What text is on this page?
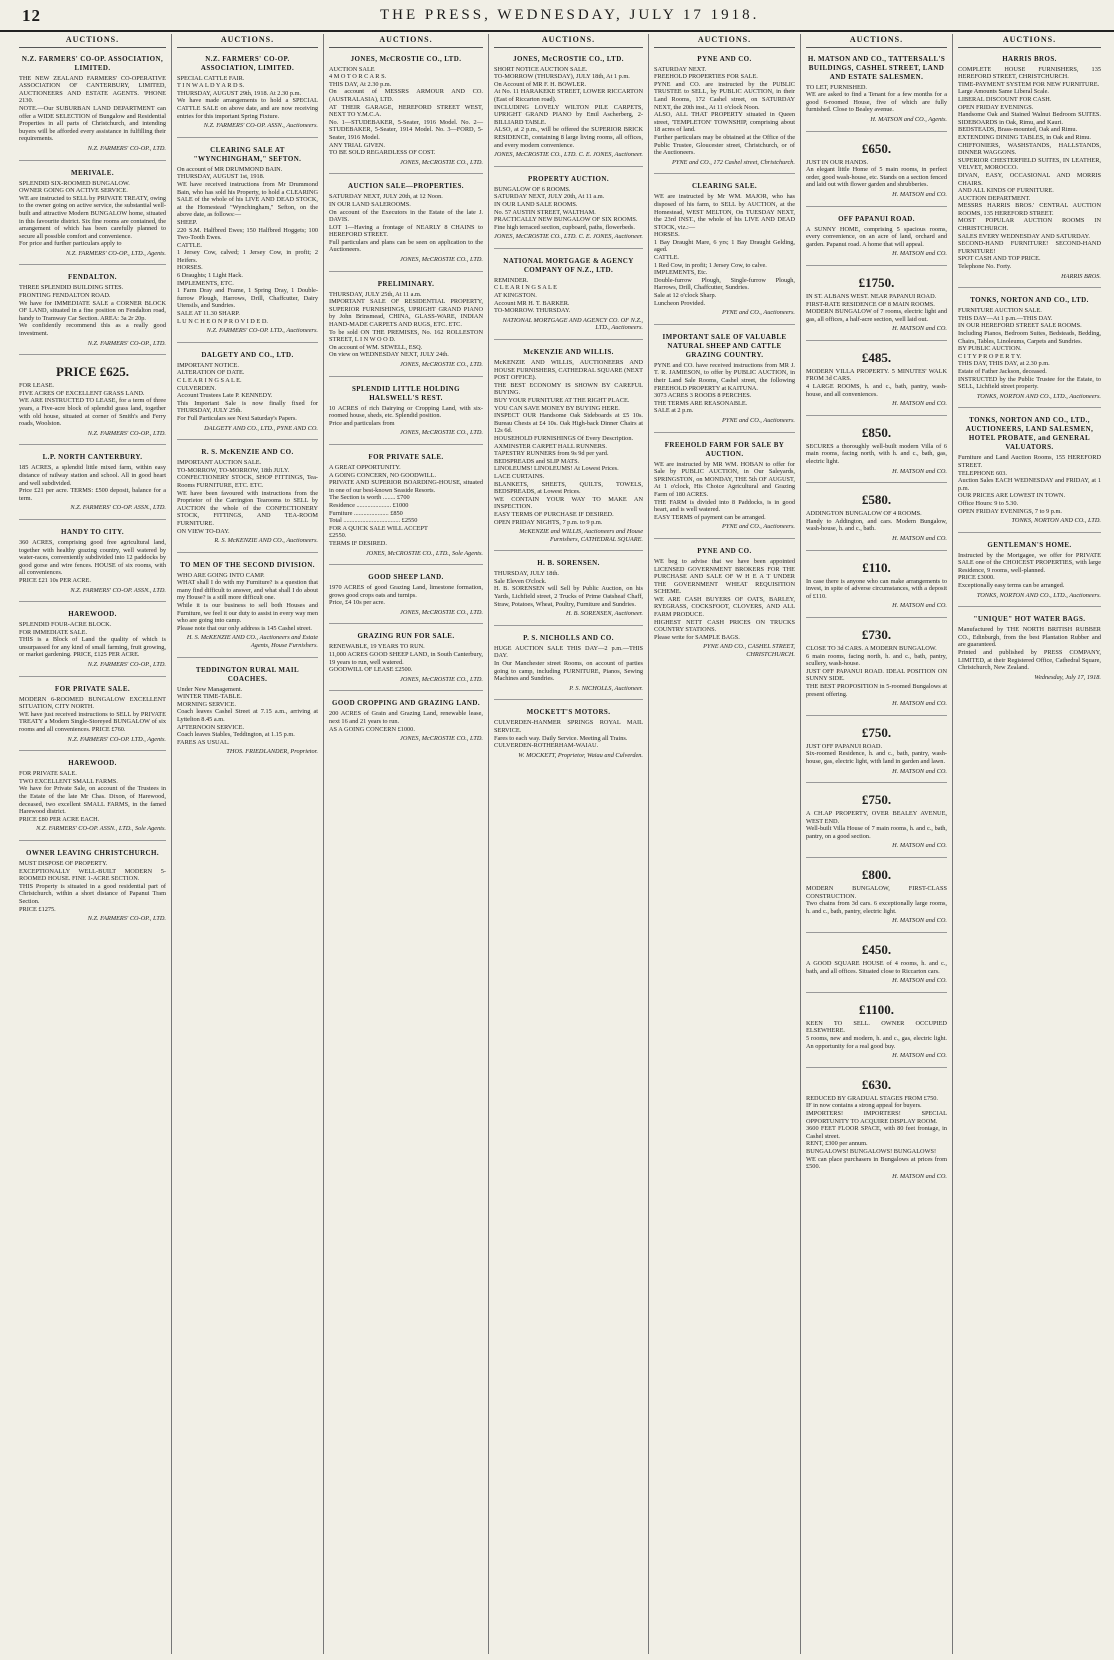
12	THE PRESS, WEDNESDAY, JULY 17 1918.
AUCTIONS.
N.Z. FARMERS' CO-OP. ASSOCIATION, LIMITED.
THE NEW ZEALAND FARMERS' CO-OPERATIVE ASSOCIATION OF CANTERBURY, LIMITED, AUCTIONEERS AND ESTATE AGENTS. 'PHONE 2130.
NOTE.—Our SUBURBAN LAND DEPARTMENT can offer a WIDE SELECTION of Bungalow and Residential Properties in all parts of Christchurch, and intending buyers will be afforded every assistance in fulfilling their requirements.
N.Z. FARMERS' CO-OP., LTD.
MERIVALE.
SPLENDID SIX-ROOMED BUNGALOW.
OWNER GOING ON ACTIVE SERVICE.
WE are instructed to SELL by PRIVATE TREATY, owing to the owner going on active service, the substantial well-built and attractive Modern BUNGALOW home, situated in this favourite district. Six fine rooms are contained, the arrangement of which has been carefully planned to secure all possible comfort and convenience.
For price and further particulars apply to
N.Z. FARMERS' CO-OP., LTD., Agents.
FENDALTON.
THREE SPLENDID BUILDING SITES.
FRONTING FENDALTON ROAD.
We have for IMMEDIATE SALE a CORNER BLOCK OF LAND, situated in a fine position on Fendalton road, handy to Tramway Car Section. AREA: 3a 2r 20p.
We confidently recommend this as a really good investment.
N.Z. FARMERS' CO-OP., LTD.
PRICE £625.
FOR LEASE.
FIVE ACRES OF EXCELLENT GRASS LAND.
WE ARE INSTRUCTED TO LEASE, for a term of three years, a Five-acre block of splendid grass land, together with old house, situated at corner of Smith's and Ferry roads, Woolston.
N.Z. FARMERS' CO-OP., LTD.
L.P. NORTH CANTERBURY.
185 ACRES, a splendid little mixed farm, within easy distance of railway station and school. All in good heart and well subdivided.
Price £21 per acre. TERMS: £500 deposit, balance for a term.
N.Z. FARMERS' CO-OP. ASSN., LTD.
HANDY TO CITY.
360 ACRES, comprising good free agricultural land, together with healthy grazing country, well watered by water-races, conveniently subdivided into 12 paddocks by good gorse and wire fences. HOUSE of six rooms, with all conveniences.
PRICE £21 10s PER ACRE.
N.Z. FARMERS' CO-OP. ASSN., LTD.
HAREWOOD.
SPLENDID FOUR-ACRE BLOCK.
FOR IMMEDIATE SALE.
THIS is a Block of Land the quality of which is unsurpassed for any kind of small farming, fruit growing, or market gardening. PRICE, £125 PER ACRE.
N.Z. FARMERS' CO-OP., LTD.
FOR PRIVATE SALE.
MODERN 6-ROOMED BUNGALOW EXCELLENT SITUATION, CITY NORTH.
WE have just received instructions to SELL by PRIVATE TREATY a Modern Single-Storeyed BUNGALOW of six rooms and all conveniences. PRICE £760.
N.Z. FARMERS' CO-OP. LTD., Agents.
HAREWOOD.
FOR PRIVATE SALE.
TWO EXCELLENT SMALL FARMS.
We have for Private Sale, on account of the Trustees in the Estate of the late Mr Chas. Dixon, of Harewood, deceased, two excellent SMALL FARMS, in the famed Harewood district.
PRICE £80 PER ACRE EACH.
N.Z. FARMERS' CO-OP. ASSN., LTD., Sole Agents.
OWNER LEAVING CHRISTCHURCH.
MUST DISPOSE OF PROPERTY.
EXCEPTIONALLY WELL-BUILT MODERN 5-ROOMED HOUSE. FINE 1-ACRE SECTION.
THIS Property is situated in a good residential part of Christchurch, within a short distance of Papanui Tram Section.
PRICE £1275.
N.Z. FARMERS' CO-OP., LTD.
AUCTIONS.
N.Z. FARMERS' CO-OP. ASSOCIATION, LIMITED.
SPECIAL CATTLE FAIR.
T I N W A L D Y A R D S.
THURSDAY, AUGUST 29th, 1918. At 2.30 p.m.
We have made arrangements to hold a SPECIAL CATTLE SALE on above date, and are now receiving entries for this important Spring Fixture.
N.Z. FARMERS' CO-OP. ASSN., Auctioneers.
CLEARING SALE AT "WYNCHINGHAM," SEFTON.
On account of MR DRUMMOND BAIN.
THURSDAY, AUGUST 1st, 1918.
WE have received instructions from Mr Drummond Bain, who has sold his Property, to hold a CLEARING SALE of the whole of his LIVE AND DEAD STOCK, at the Homestead "Wynchingham," Sefton, on the above date, as follows:—
SHEEP.
220 S.M. Halfbred Ewes; 150 Halfbred Hoggets; 100 Two-Tooth Ewes.
CATTLE.
1 Jersey Cow, calved; 1 Jersey Cow, in profit; 2 Heifers.
HORSES.
6 Draughts; 1 Light Hack.
IMPLEMENTS, ETC.
1 Farm Dray and Frame, 1 Spring Dray, 1 Double-furrow Plough, Harrows, Drill, Chaffcutter, Dairy Utensils, and Sundries.
SALE AT 11.30 SHARP.
L U N C H E O N P R O V I D E D.
N.Z. FARMERS' CO-OP. LTD., Auctioneers.
DALGETY AND CO., LTD.
IMPORTANT NOTICE.
ALTERATION OF DATE.
C L E A R I N G S A L E.
CULVERDEN.
Account Trustees Late P. KENNEDY.
This Important Sale is now finally fixed for THURSDAY, JULY 25th.
For Full Particulars see Next Saturday's Papers.
DALGETY AND CO., LTD., PYNE AND CO.
R. S. McKENZIE AND CO.
IMPORTANT AUCTION SALE.
TO-MORROW, TO-MORROW, 18th JULY.
CONFECTIONERY STOCK, SHOP FITTINGS, Tea-Rooms FURNITURE, ETC. ETC.
WE have been favoured with instructions from the Proprietor of the Carrington Tearooms to SELL by AUCTION the whole of the CONFECTIONERY STOCK, FITTINGS, AND TEA-ROOM FURNITURE.
ON VIEW TO-DAY.
R. S. McKENZIE AND CO., Auctioneers.
TO MEN OF THE SECOND DIVISION.
WHO ARE GOING INTO CAMP.
WHAT shall I do with my Furniture? is a question that many find difficult to answer, and what shall I do about my House? is a still more difficult one.
While it is our business to sell both Houses and Furniture, we feel it our duty to assist in every way men who are going into camp.
Please note that our only address is 145 Cashel street.
H. S. McKENZIE AND CO., Auctioneers and Estate Agents, House Furnishers.
TEDDINGTON RURAL MAIL COACHES.
Under New Management.
WINTER TIME-TABLE.
MORNING SERVICE.
Coach leaves Cashel Street at 7.15 a.m., arriving at Lyttelton 8.45 a.m.
AFTERNOON SERVICE.
Coach leaves Stables, Teddington, at 1.15 p.m.
FARES AS USUAL.
THOS. FRIEDLANDER, Proprietor.
AUCTIONS.
JONES, McCROSTIE CO., LTD.
AUCTION SALE
4 M O T O R C A R S.
THIS DAY, At 2.30 p.m.
On account of MESSRS ARMOUR AND CO. (AUSTRALASIA), LTD.
AT THEIR GARAGE, HEREFORD STREET WEST, NEXT TO Y.M.C.A.
No. 1—STUDEBAKER, 5-Seater, 1916 Model. No. 2—STUDEBAKER, 5-Seater, 1914 Model. No. 3—FORD, 5-Seater, 1916 Model.
ANY TRIAL GIVEN.
TO BE SOLD REGARDLESS OF COST.
JONES, McCROSTIE CO., LTD.
AUCTION SALE—PROPERTIES.
SATURDAY NEXT, JULY 20th, at 12 Noon.
IN OUR LAND SALEROOMS.
On account of the Executors in the Estate of the late J. DAVIS.
LOT 1—Having a frontage of NEARLY 8 CHAINS to HEREFORD STREET.
Full particulars and plans can be seen on application to the Auctioneers.
JONES, McCROSTIE CO., LTD.
PRELIMINARY.
THURSDAY, JULY 25th, At 11 a.m.
IMPORTANT SALE OF RESIDENTIAL PROPERTY, SUPERIOR FURNISHINGS, UPRIGHT GRAND PIANO by John Brinsmead, CHINA, GLASS-WARE, INDIAN HAND-MADE CARPETS AND RUGS, ETC. ETC.
To be sold ON THE PREMISES, No. 162 ROLLESTON STREET, L I N W O O D.
On account of WM. SEWELL, ESQ.
On view on WEDNESDAY NEXT, JULY 24th.
JONES, McCROSTIE CO., LTD.
SPLENDID LITTLE HOLDING HALSWELL'S REST.
10 ACRES of rich Dairying or Cropping Land, with six-roomed house, sheds, etc. Splendid position.
Price and particulars from
JONES, McCROSTIE CO., LTD.
FOR PRIVATE SALE.
A GREAT OPPORTUNITY.
A GOING CONCERN, NO GOODWILL.
PRIVATE AND SUPERIOR BOARDING-HOUSE, situated in one of our best-known Seaside Resorts.
The Section is worth ........ £700
Residence ...................... £1000
Furniture ...................... £850
Total .................................... £2550
FOR A QUICK SALE WILL ACCEPT
£2550.
TERMS IF DESIRED.
JONES, McCROSTIE CO., LTD., Sole Agents.
GOOD SHEEP LAND.
1970 ACRES of good Grazing Land, limestone formation, grows good crops oats and turnips.
Price, £4 10s per acre.
JONES, McCROSTIE CO., LTD.
GRAZING RUN FOR SALE.
RENEWABLE, 19 YEARS TO RUN.
11,000 ACRES GOOD SHEEP LAND, in South Canterbury, 19 years to run, well watered.
GOODWILL OF LEASE £2500.
JONES, McCROSTIE CO., LTD.
GOOD CROPPING AND GRAZING LAND.
200 ACRES of Grain and Grazing Land, renewable lease, next 16 and 21 years to run.
AS A GOING CONCERN £1000.
JONES, McCROSTIE CO., LTD.
AUCTIONS.
JONES, McCROSTIE CO., LTD.
SHORT NOTICE AUCTION SALE.
TO-MORROW (THURSDAY), JULY 18th, At 1 p.m.
On Account of MR F. H. BOWLER.
At No. 11 HARAKEKE STREET, LOWER RICCARTON (East of Riccarton road).
INCLUDING LOVELY WILTON PILE CARPETS, UPRIGHT GRAND PIANO by Emil Ascherberg, 2-BILLIARD TABLE.
ALSO, at 2 p.m., will be offered the SUPERIOR BRICK RESIDENCE, containing 8 large living rooms, all offices, and every modern convenience.
JONES, McCROSTIE CO., LTD. C. E. JONES, Auctioneer.
PROPERTY AUCTION.
BUNGALOW OF 6 ROOMS.
SATURDAY NEXT, JULY 20th, At 11 a.m.
IN OUR LAND SALE ROOMS.
No. 57 AUSTIN STREET, WALTHAM.
PRACTICALLY NEW BUNGALOW OF SIX ROOMS.
Fine high terraced section, cupboard, paths, flowerbeds.
JONES, McCROSTIE CO., LTD. C. E. JONES, Auctioneer.
NATIONAL MORTGAGE & AGENCY COMPANY OF N.Z., LTD.
REMINDER.
C L E A R I N G S A L E
AT KINGSTON.
Account MR H. T. BARKER.
TO-MORROW. THURSDAY.
NATIONAL MORTGAGE AND AGENCY CO. OF N.Z., LTD., Auctioneers.
McKENZIE AND WILLIS.
McKENZIE AND WILLIS, AUCTIONEERS AND HOUSE FURNISHERS, CATHEDRAL SQUARE (NEXT POST OFFICE).
THE BEST ECONOMY IS SHOWN BY CAREFUL BUYING.
BUY YOUR FURNITURE AT THE RIGHT PLACE.
YOU CAN SAVE MONEY BY BUYING HERE.
INSPECT OUR Handsome Oak Sideboards at £5 10s. Bureau Chests at £4 10s. Oak High-back Dinner Chairs at 12s 6d.
HOUSEHOLD FURNISHINGS Of Every Description.
AXMINSTER CARPET HALL RUNNERS.
TAPESTRY RUNNERS from 9s 9d per yard.
BEDSPREADS and SLIP MATS.
LINOLEUMS! LINOLEUMS! At Lowest Prices.
LACE CURTAINS.
BLANKETS, SHEETS, QUILTS, TOWELS, BEDSPREADS, at Lowest Prices.
WE CONTAIN YOUR WAY TO MAKE AN INSPECTION.
EASY TERMS OF PURCHASE IF DESIRED.
OPEN FRIDAY NIGHTS, 7 p.m. to 9 p.m.
McKENZIE and WILLIS, Auctioneers and House Furnishers, CATHEDRAL SQUARE.
H. B. SORENSEN.
THURSDAY, JULY 18th.
Sale Eleven O'clock.
H. B. SORENSEN will Sell by Public Auction, on his Yards, Lichfield street, 2 Trucks of Prime Oatsheaf Chaff, Straw, Potatoes, Wheat, Poultry, Furniture and Sundries.
H. B. SORENSEN, Auctioneer.
P. S. NICHOLLS AND CO.
HUGE AUCTION SALE THIS DAY—2 p.m.—THIS DAY.
In Our Manchester street Rooms, on account of parties going to camp, including FURNITURE, Pianos, Sewing Machines and Sundries.
P. S. NICHOLLS, Auctioneer.
MOCKETT'S MOTORS.
CULVERDEN-HANMER SPRINGS ROYAL MAIL SERVICE.
Fares to each way. Daily Service. Meeting all Trains.
CULVERDEN-ROTHERHAM-WAIAU.
W. MOCKETT, Proprietor, Waiau and Culverden.
AUCTIONS.
PYNE AND CO.
SATURDAY NEXT.
FREEHOLD PROPERTIES FOR SALE.
PYNE and CO. are instructed by the PUBLIC TRUSTEE to SELL, by PUBLIC AUCTION, in their Land Rooms, 172 Cashel street, on SATURDAY NEXT, the 20th inst., At 11 o'clock Noon.
ALSO, ALL THAT PROPERTY situated in Queen street, 'TEMPLETON' TOWNSHIP, comprising about 18 acres of land.
Further particulars may be obtained at the Office of the Public Trustee, Gloucester street, Christchurch, or of the Auctioneers.
PYNE and CO., 172 Cashel street, Christchurch.
CLEARING SALE.
WE are instructed by Mr WM. MAJOR, who has disposed of his farm, to SELL by AUCTION, at the Homestead, WEST MELTON, On TUESDAY NEXT, the 23rd INST., the whole of his LIVE AND DEAD STOCK, viz.:—
HORSES.
1 Bay Draught Mare, 6 yrs; 1 Bay Draught Gelding, aged.
CATTLE.
1 Red Cow, in profit; 1 Jersey Cow, to calve.
IMPLEMENTS, Etc.
Double-furrow Plough, Single-furrow Plough, Harrows, Drill, Chaffcutter, Sundries.
Sale at 12 o'clock Sharp.
Luncheon Provided.
PYNE and CO., Auctioneers.
IMPORTANT SALE OF VALUABLE NATURAL SHEEP AND CATTLE GRAZING COUNTRY.
PYNE and CO. have received instructions from MR J. T. R. JAMIESON, to offer by PUBLIC AUCTION, in their Land Sale Rooms, Cashel street, the following FREEHOLD PROPERTY at KAITUNA.
3073 ACRES 3 ROODS 8 PERCHES.
THE TERMS ARE REASONABLE.
SALE at 2 p.m.
PYNE and CO., Auctioneers.
FREEHOLD FARM FOR SALE BY AUCTION.
WE are instructed by MR WM. HOBAN to offer for Sale by PUBLIC AUCTION, in Our Saleyards, SPRINGSTON, on MONDAY, THE 5th OF AUGUST, At 1 o'clock, His Choice Agricultural and Grazing Farm of 180 ACRES.
THE FARM is divided into 8 Paddocks, is in good heart, and is well watered.
EASY TERMS of payment can be arranged.
PYNE and CO., Auctioneers.
PYNE AND CO.
WE beg to advise that we have been appointed LICENSED GOVERNMENT BROKERS FOR THE PURCHASE AND SALE OF W H E A T UNDER THE GOVERNMENT WHEAT REQUISITION SCHEME.
WE ARE CASH BUYERS OF OATS, BARLEY, RYEGRASS, COCKSFOOT, CLOVERS, AND ALL FARM PRODUCE.
HIGHEST NETT CASH PRICES ON TRUCKS COUNTRY STATIONS.
Please write for SAMPLE BAGS.
PYNE AND CO., CASHEL STREET, CHRISTCHURCH.
AUCTIONS.
H. MATSON AND CO., TATTERSALL'S BUILDINGS, CASHEL STREET, LAND AND ESTATE SALESMEN.
TO LET, FURNISHED.
WE are asked to find a Tenant for a few months for a good 6-roomed House, five of which are fully furnished. Close to Bealey avenue.
H. MATSON and CO., Agents.
£650.
JUST IN OUR HANDS.
An elegant little Home of 5 main rooms, in perfect order, good wash-house, etc. Stands on a section fenced and laid out with flower garden and shrubberies.
H. MATSON and CO.
OFF PAPANUI ROAD.
A SUNNY HOME, comprising 5 spacious rooms, every convenience, on an acre of land, orchard and garden. Papanui road. A home that will appeal.
H. MATSON and CO.
£1750.
IN ST. ALBANS WEST. NEAR PAPANUI ROAD.
FIRST-RATE RESIDENCE OF 8 MAIN ROOMS.
MODERN BUNGALOW of 7 rooms, electric light and gas, all offices, a half-acre section, well laid out.
H. MATSON and CO.
£485.
MODERN VILLA PROPERTY. 5 MINUTES' WALK FROM 3d CARS.
4 LARGE ROOMS, h. and c., bath, pantry, wash-house, and all conveniences.
H. MATSON and CO.
£850.
SECURES a thoroughly well-built modern Villa of 6 main rooms, facing north, with h. and c., bath, gas, electric light.
H. MATSON and CO.
£580.
ADDINGTON BUNGALOW OF 4 ROOMS.
Handy to Addington, and cars. Modern Bungalow, wash-house, h. and c., bath.
H. MATSON and CO.
£110.
In case there is anyone who can make arrangements to invest, in spite of adverse circumstances, with a deposit of £110.
H. MATSON and CO.
£730.
CLOSE TO 3d CARS. A MODERN BUNGALOW.
6 main rooms, facing north, h. and c., bath, pantry, scullery, wash-house.
JUST OFF PAPANUI ROAD. IDEAL POSITION ON SUNNY SIDE.
THE BEST PROPOSITION in 5-roomed Bungalows at present offering.
H. MATSON and CO.
£750.
JUST OFF PAPANUI ROAD.
Six-roomed Residence, h. and c., bath, pantry, wash-house, gas, electric light, with land in garden and lawn.
H. MATSON and CO.
£750.
A CH.AP PROPERTY, OVER BEALEY AVENUE, WEST END.
Well-built Villa House of 7 main rooms, h. and c., bath, pantry, on a good section.
H. MATSON and CO.
£800.
MODERN BUNGALOW, FIRST-CLASS CONSTRUCTION.
Two chains from 3d cars. 6 exceptionally large rooms, h. and c., bath, pantry, electric light.
H. MATSON and CO.
£450.
A GOOD SQUARE HOUSE of 4 rooms, h. and c., bath, and all offices. Situated close to Riccarton cars.
H. MATSON and CO.
£1100.
KEEN TO SELL. OWNER OCCUPIED ELSEWHERE.
5 rooms, new and modern, h. and c., gas, electric light. An opportunity for a real good buy.
H. MATSON and CO.
£630.
REDUCED BY GRADUAL STAGES FROM £750.
IF in now contains a strong appeal for buyers.
IMPORTERS! IMPORTERS! SPECIAL OPPORTUNITY TO ACQUIRE DISPLAY ROOM.
3600 FEET FLOOR SPACE, with 80 feet frontage, in Cashel street.
RENT, £300 per annum.
BUNGALOWS! BUNGALOWS! BUNGALOWS!
WE can place purchasers in Bungalows at prices from £500.
H. MATSON and CO.
AUCTIONS.
HARRIS BROS.
COMPLETE HOUSE FURNISHERS, 135 HEREFORD STREET, CHRISTCHURCH.
TIME-PAYMENT SYSTEM FOR NEW FURNITURE.
Large Amounts Same Liberal Scale.
LIBERAL DISCOUNT FOR CASH.
OPEN FRIDAY EVENINGS.
Handsome Oak and Stained Walnut Bedroom SUITES. SIDEBOARDS in Oak, Rimu, and Kauri.
BEDSTEADS, Brass-mounted, Oak and Rimu.
EXTENDING DINING TABLES, in Oak and Rimu.
CHIFFONIERS, WASHSTANDS, HALLSTANDS, DINNER WAGGONS.
SUPERIOR CHESTERFIELD SUITES, IN LEATHER, VELVET, MOROCCO.
DIVAN, EASY, OCCASIONAL AND MORRIS CHAIRS.
AND ALL KINDS OF FURNITURE.
AUCTION DEPARTMENT.
MESSRS HARRIS BROS.' CENTRAL AUCTION ROOMS, 135 HEREFORD STREET.
MOST POPULAR AUCTION ROOMS IN CHRISTCHURCH.
SALES EVERY WEDNESDAY AND SATURDAY.
SECOND-HAND FURNITURE! SECOND-HAND FURNITURE!
SPOT CASH AND TOP PRICE.
Telephone No. Forty.
HARRIS BROS.
TONKS, NORTON AND CO., LTD.
FURNITURE AUCTION SALE.
THIS DAY—At 1 p.m.—THIS DAY.
IN OUR HEREFORD STREET SALE ROOMS.
Including Pianos, Bedroom Suites, Bedsteads, Bedding, Chairs, Tables, Linoleums, Carpets and Sundries.
BY PUBLIC AUCTION.
C I T Y P R O P E R T Y.
THIS DAY, THIS DAY, at 2.30 p.m.
Estate of Father Jackson, deceased.
INSTRUCTED by the Public Trustee for the Estate, to SELL, Lichfield street property.
TONKS, NORTON AND CO., LTD., Auctioneers.
TONKS, NORTON AND CO., LTD., AUCTIONEERS, LAND SALESMEN, HOTEL PROBATE, and GENERAL VALUATORS.
Furniture and Land Auction Rooms, 155 HEREFORD STREET.
TELEPHONE 603.
Auction Sales EACH WEDNESDAY and FRIDAY, at 1 p.m.
OUR PRICES ARE LOWEST IN TOWN.
Office Hours: 9 to 5.30.
OPEN FRIDAY EVENINGS, 7 to 9 p.m.
TONKS, NORTON AND CO., LTD.
GENTLEMAN'S HOME.
Instructed by the Mortgagee, we offer for PRIVATE SALE one of the CHOICEST PROPERTIES, with large Residence, 9 rooms, well-planned.
PRICE £3000.
Exceptionally easy terms can be arranged.
TONKS, NORTON AND CO., LTD., Auctioneers.
"UNIQUE" HOT WATER BAGS.
Manufactured by THE NORTH BRITISH RUBBER CO., Edinburgh, from the best Plantation Rubber and are guaranteed.
Printed and published by PRESS COMPANY, LIMITED, at their Registered Office, Cathedral Square, Christchurch, New Zealand.
Wednesday, July 17, 1918.
